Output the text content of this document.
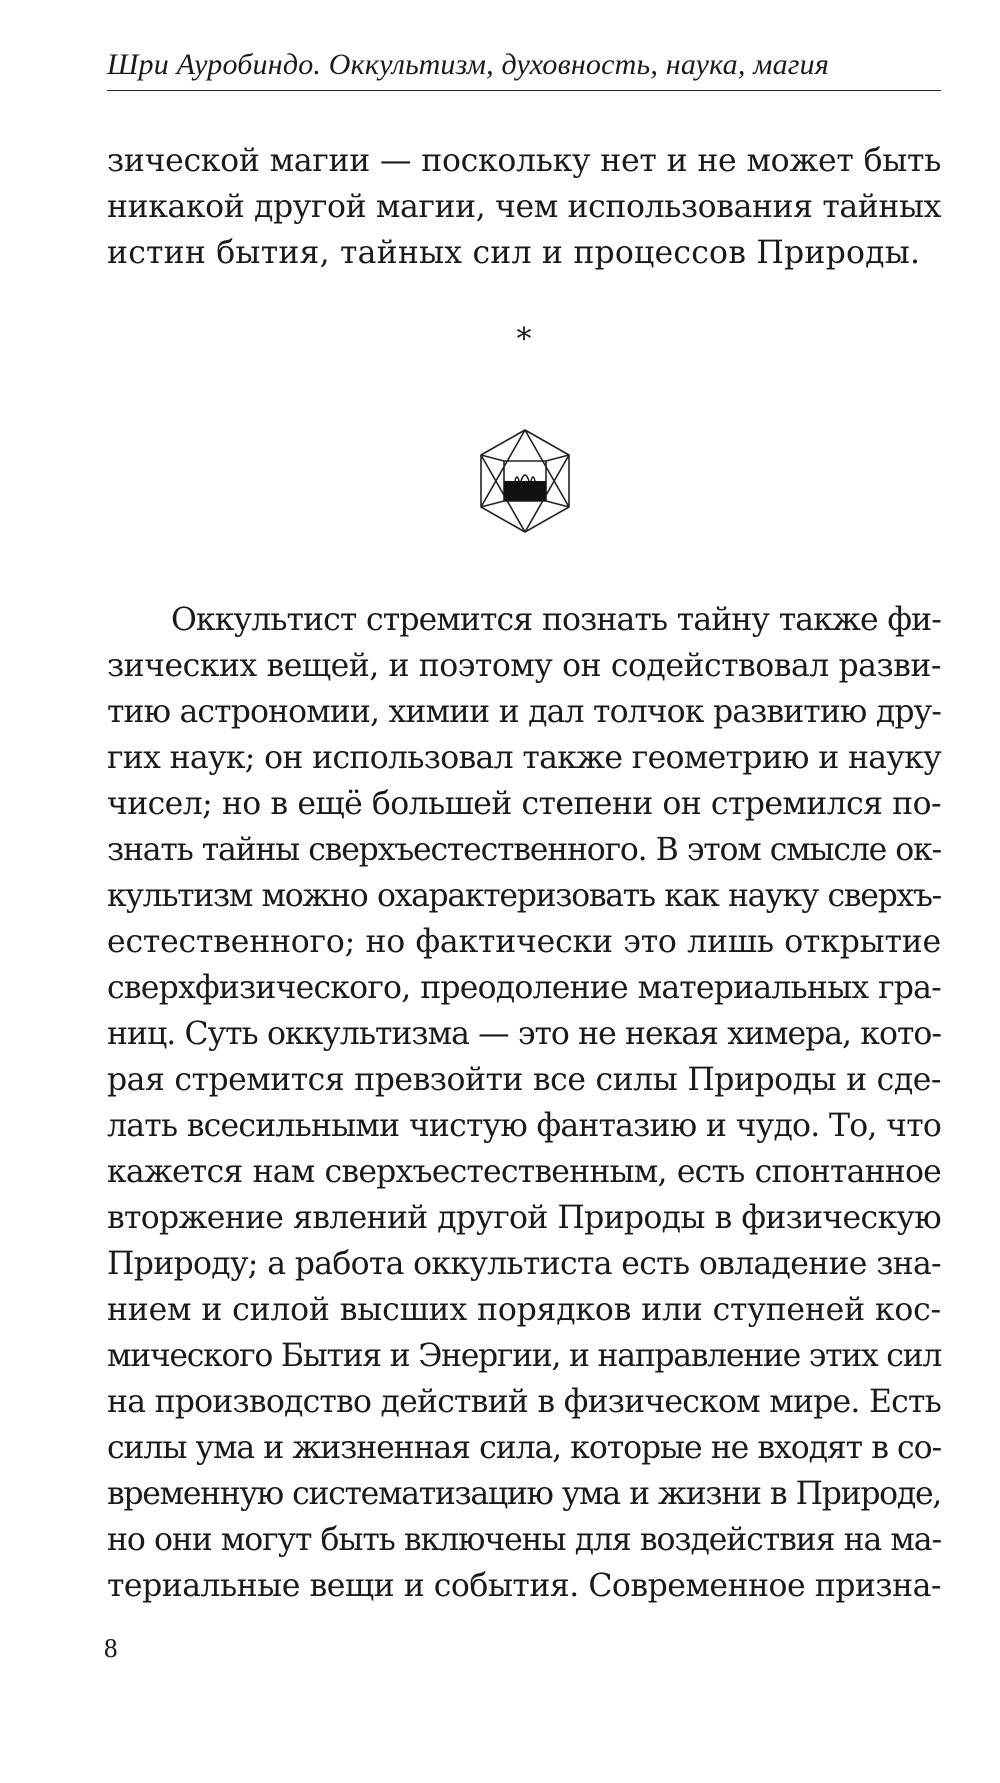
Шри Ауробиндо. Оккультизм, духовность, наука, магия
зической магии — поскольку нет и не может быть
никакой другой магии, чем использования тайных
истин бытия, тайных сил и процессов Природы.
*
Оккультист стремится познать тайну также фи-
зических вещей, и поэтому он содействовал разви-
тию астрономии, химии и дал толчок развитию дру-
гих наук; он использовал также геометрию и науку
чисел; но в ещё большей степени он стремился по-
знать тайны сверхъестественного. В этом смысле ок-
культизм можно охарактеризовать как науку сверхъ-
естественного; но фактически это лишь открытие
сверхфизического, преодоление материальных гра-
ниц. Суть оккультизма — это не некая химера, кото-
рая стремится превзойти все силы Природы и сде-
лать всесильными чистую фантазию и чудо. То, что
кажется нам сверхъестественным, есть спонтанное
вторжение явлений другой Природы в физическую
Природу; а работа оккультиста есть овладение зна-
нием и силой высших порядков или ступеней кос-
мического Бытия и Энергии, и направление этих сил
на производство действий в физическом мире. Есть
силы ума и жизненная сила, которые не входят в со-
временную систематизацию ума и жизни в Природе,
но они могут быть включены для воздействия на ма-
териальные вещи и события. Современное призна-
8
